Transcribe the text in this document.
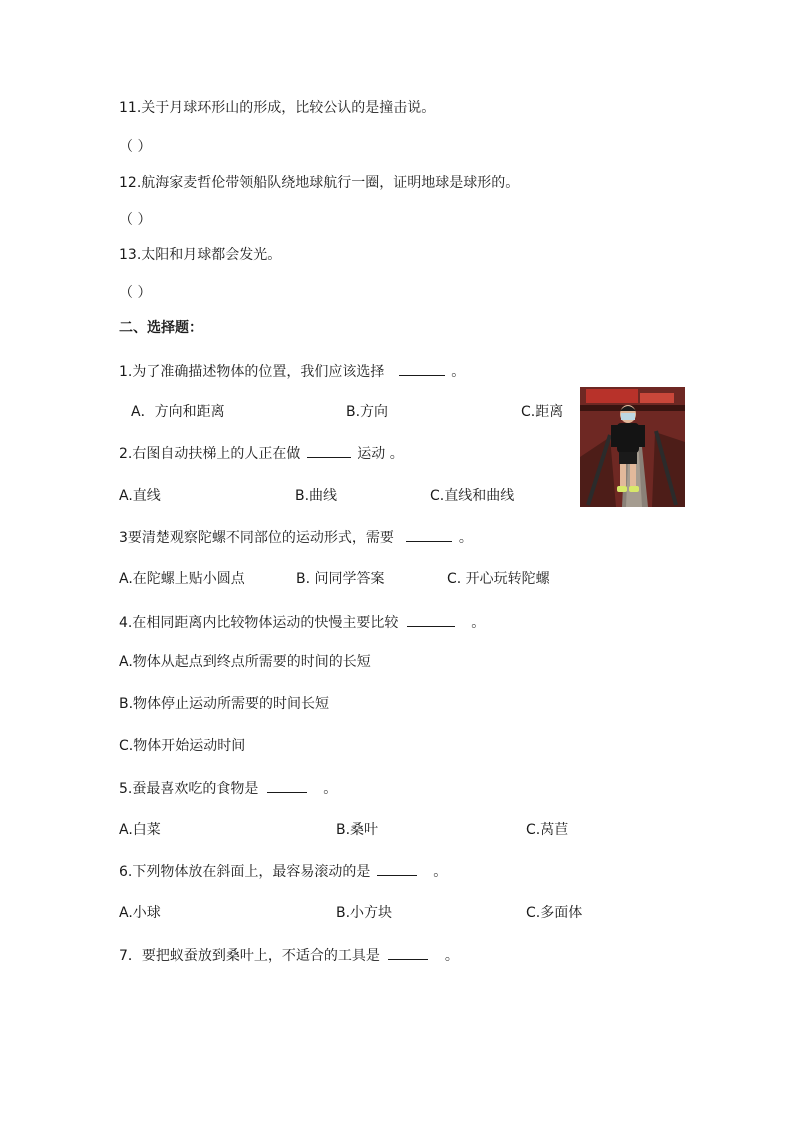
11.关于月球环形山的形成，比较公认的是撞击说。
（ ）
12.航海家麦哲伦带领船队绕地球航行一圈，证明地球是球形的。
（ ）
13.太阳和月球都会发光。
（ ）
二、选择题：
1.为了准确描述物体的位置，我们应该选择	。
A．方向和距离	B.方向	C.距离
2.右图自动扶梯上的人正在做	运动 。
A.直线	B.曲线	C.直线和曲线
3要清楚观察陀螺不同部位的运动形式，需要	。
A.在陀螺上贴小圆点	B. 问同学答案	C. 开心玩转陀螺
4.在相同距离内比较物体运动的快慢主要比较	。
A.物体从起点到终点所需要的时间的长短
B.物体停止运动所需要的时间长短
C.物体开始运动时间
5.蚕最喜欢吃的食物是	。
A.白菜	B.桑叶	C.莴苣
6.下列物体放在斜面上，最容易滚动的是	。
A.小球	B.小方块	C.多面体
7．要把蚁蚕放到桑叶上，不适合的工具是	。
